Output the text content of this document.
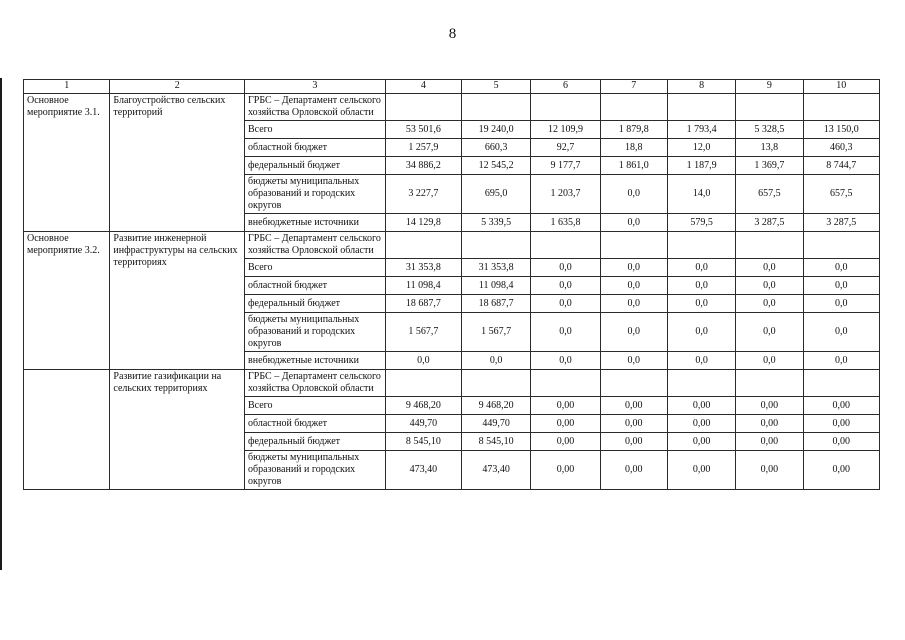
8
1	2	3	4	5	6	7	8	9	10
Основное мероприятие 3.1.	Благоустройство сельских территорий	ГРБС – Департамент сельского хозяйства Орловской области							
		Всего	53 501,6	19 240,0	12 109,9	1 879,8	1 793,4	5 328,5	13 150,0
		областной бюджет	1 257,9	660,3	92,7	18,8	12,0	13,8	460,3
		федеральный бюджет	34 886,2	12 545,2	9 177,7	1 861,0	1 187,9	1 369,7	8 744,7
		бюджеты муниципальных образований и городских округов	3 227,7	695,0	1 203,7	0,0	14,0	657,5	657,5
		внебюджетные источники	14 129,8	5 339,5	1 635,8	0,0	579,5	3 287,5	3 287,5
Основное мероприятие 3.2.	Развитие инженерной инфраструктуры на сельских территориях	ГРБС – Департамент сельского хозяйства Орловской области							
		Всего	31 353,8	31 353,8	0,0	0,0	0,0	0,0	0,0
		областной бюджет	11 098,4	11 098,4	0,0	0,0	0,0	0,0	0,0
		федеральный бюджет	18 687,7	18 687,7	0,0	0,0	0,0	0,0	0,0
		бюджеты муниципальных образований и городских округов	1 567,7	1 567,7	0,0	0,0	0,0	0,0	0,0
		внебюджетные источники	0,0	0,0	0,0	0,0	0,0	0,0	0,0
	Развитие газификации на сельских территориях	ГРБС – Департамент сельского хозяйства Орловской области							
		Всего	9 468,20	9 468,20	0,00	0,00	0,00	0,00	0,00
		областной бюджет	449,70	449,70	0,00	0,00	0,00	0,00	0,00
		федеральный бюджет	8 545,10	8 545,10	0,00	0,00	0,00	0,00	0,00
		бюджеты муниципальных образований и городских округов	473,40	473,40	0,00	0,00	0,00	0,00	0,00
